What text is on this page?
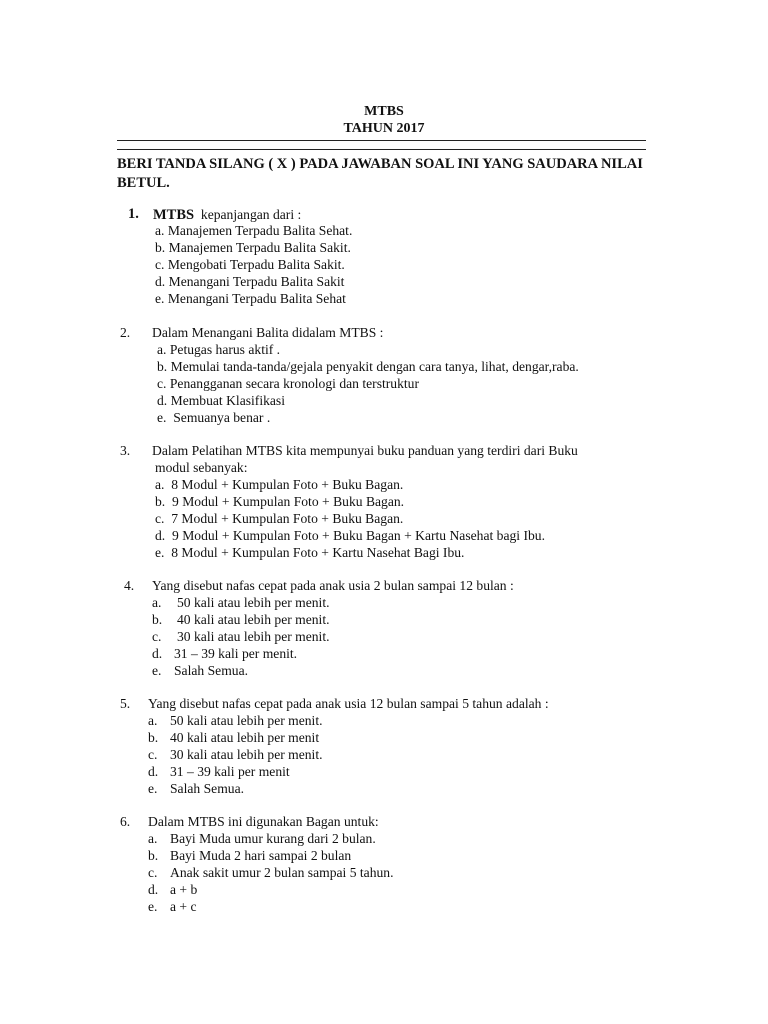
MTBS
TAHUN 2017
BERI TANDA SILANG ( X ) PADA JAWABAN SOAL INI YANG SAUDARA NILAI BETUL.
1. MTBS kepanjangan dari :
a. Manajemen Terpadu Balita Sehat.
b. Manajemen Terpadu Balita Sakit.
c. Mengobati Terpadu Balita Sakit.
d. Menangani Terpadu Balita Sakit
e. Menangani Terpadu Balita Sehat
2. Dalam Menangani Balita didalam MTBS :
a. Petugas harus aktif .
b. Memulai tanda-tanda/gejala penyakit dengan cara tanya, lihat, dengar,raba.
c. Penangganan secara kronologi dan terstruktur
d. Membuat Klasifikasi
e. Semuanya benar .
3. Dalam Pelatihan MTBS kita mempunyai buku panduan yang terdiri dari Buku
modul sebanyak:
a. 8 Modul + Kumpulan Foto + Buku Bagan.
b. 9 Modul + Kumpulan Foto + Buku Bagan.
c. 7 Modul + Kumpulan Foto + Buku Bagan.
d. 9 Modul + Kumpulan Foto + Buku Bagan + Kartu Nasehat bagi Ibu.
e. 8 Modul + Kumpulan Foto + Kartu Nasehat Bagi Ibu.
4. Yang disebut nafas cepat pada anak usia 2 bulan sampai 12 bulan :
a. 50 kali atau lebih per menit.
b. 40 kali atau lebih per menit.
c. 30 kali atau lebih per menit.
d. 31 – 39 kali per menit.
e. Salah Semua.
5. Yang disebut nafas cepat pada anak usia 12 bulan sampai 5 tahun adalah :
a. 50 kali atau lebih per menit.
b. 40 kali atau lebih per menit
c. 30 kali atau lebih per menit.
d. 31 – 39 kali per menit
e. Salah Semua.
6. Dalam MTBS ini digunakan Bagan untuk:
a. Bayi Muda umur kurang dari 2 bulan.
b. Bayi Muda 2 hari sampai 2 bulan
c. Anak sakit umur 2 bulan sampai 5 tahun.
d. a + b
e. a + c
